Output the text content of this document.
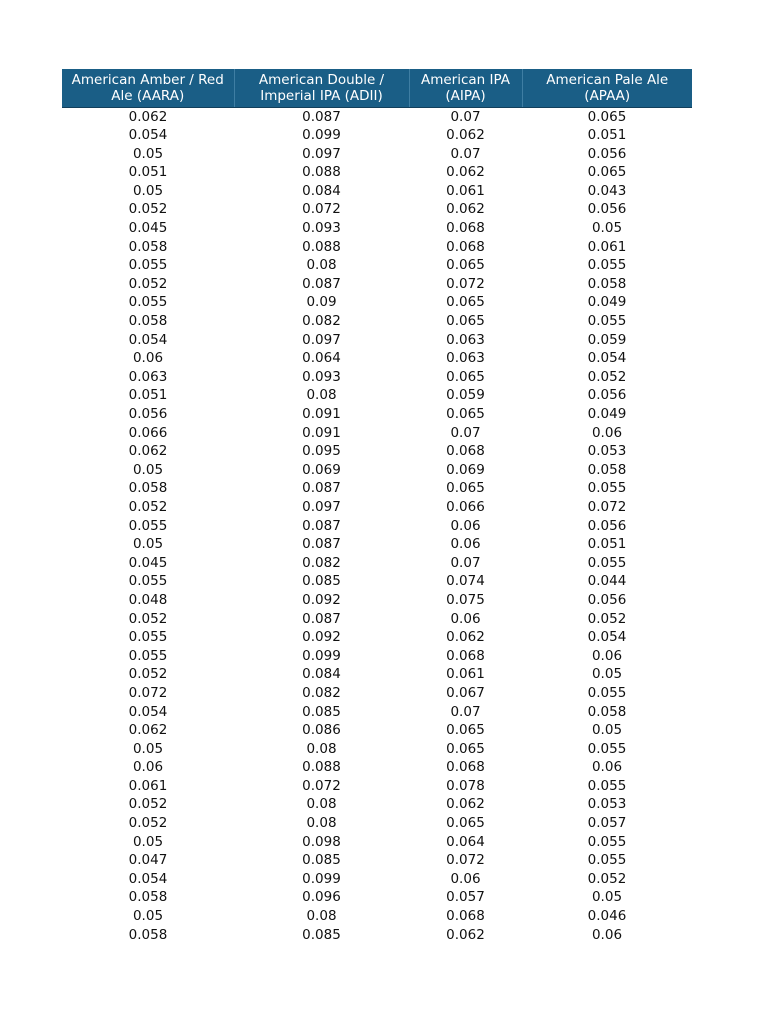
American Amber / Red Ale (AARA)	American Double / Imperial IPA (ADII)	American IPA (AIPA)	American Pale Ale (APAA)
0.062	0.087	0.07	0.065
0.054	0.099	0.062	0.051
0.05	0.097	0.07	0.056
0.051	0.088	0.062	0.065
0.05	0.084	0.061	0.043
0.052	0.072	0.062	0.056
0.045	0.093	0.068	0.05
0.058	0.088	0.068	0.061
0.055	0.08	0.065	0.055
0.052	0.087	0.072	0.058
0.055	0.09	0.065	0.049
0.058	0.082	0.065	0.055
0.054	0.097	0.063	0.059
0.06	0.064	0.063	0.054
0.063	0.093	0.065	0.052
0.051	0.08	0.059	0.056
0.056	0.091	0.065	0.049
0.066	0.091	0.07	0.06
0.062	0.095	0.068	0.053
0.05	0.069	0.069	0.058
0.058	0.087	0.065	0.055
0.052	0.097	0.066	0.072
0.055	0.087	0.06	0.056
0.05	0.087	0.06	0.051
0.045	0.082	0.07	0.055
0.055	0.085	0.074	0.044
0.048	0.092	0.075	0.056
0.052	0.087	0.06	0.052
0.055	0.092	0.062	0.054
0.055	0.099	0.068	0.06
0.052	0.084	0.061	0.05
0.072	0.082	0.067	0.055
0.054	0.085	0.07	0.058
0.062	0.086	0.065	0.05
0.05	0.08	0.065	0.055
0.06	0.088	0.068	0.06
0.061	0.072	0.078	0.055
0.052	0.08	0.062	0.053
0.052	0.08	0.065	0.057
0.05	0.098	0.064	0.055
0.047	0.085	0.072	0.055
0.054	0.099	0.06	0.052
0.058	0.096	0.057	0.05
0.05	0.08	0.068	0.046
0.058	0.085	0.062	0.06
